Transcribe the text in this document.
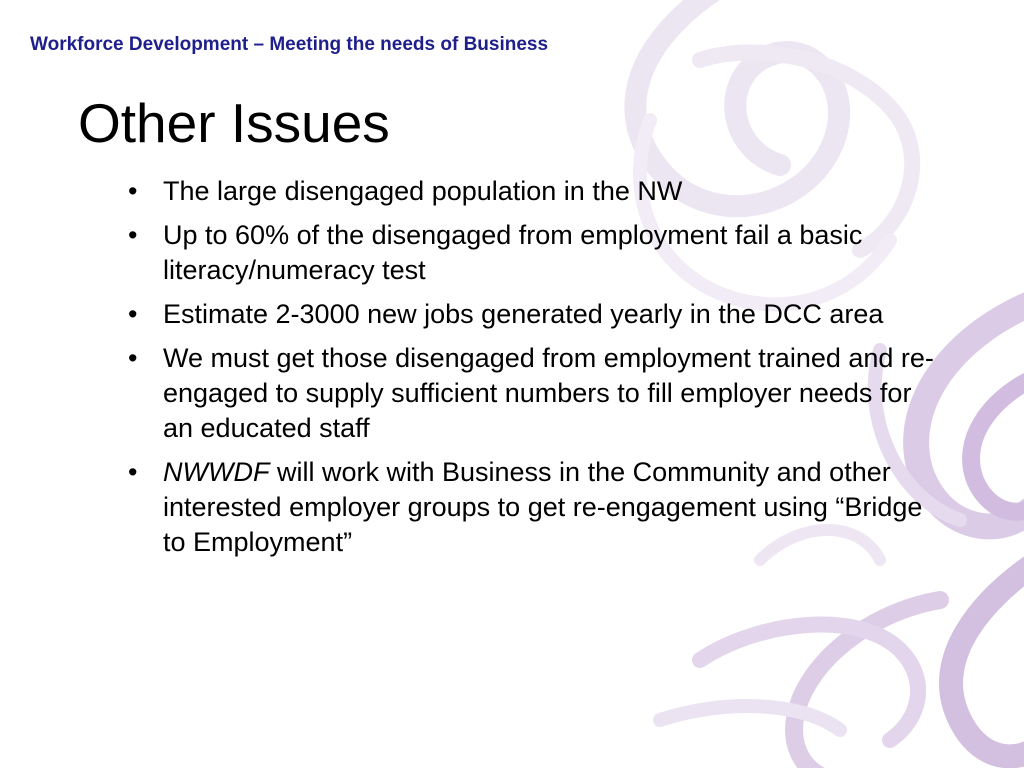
Workforce Development – Meeting the needs of Business
Other Issues
• The large disengaged population in the NW
• Up to 60% of the disengaged from employment fail a basic literacy/numeracy test
• Estimate 2-3000 new jobs generated yearly in the DCC area
• We must get those disengaged from employment trained and re-engaged to supply sufficient numbers to fill employer needs for an educated staff
• NWWDF will work with Business in the Community and other interested employer groups to get re-engagement using “Bridge to Employment”
